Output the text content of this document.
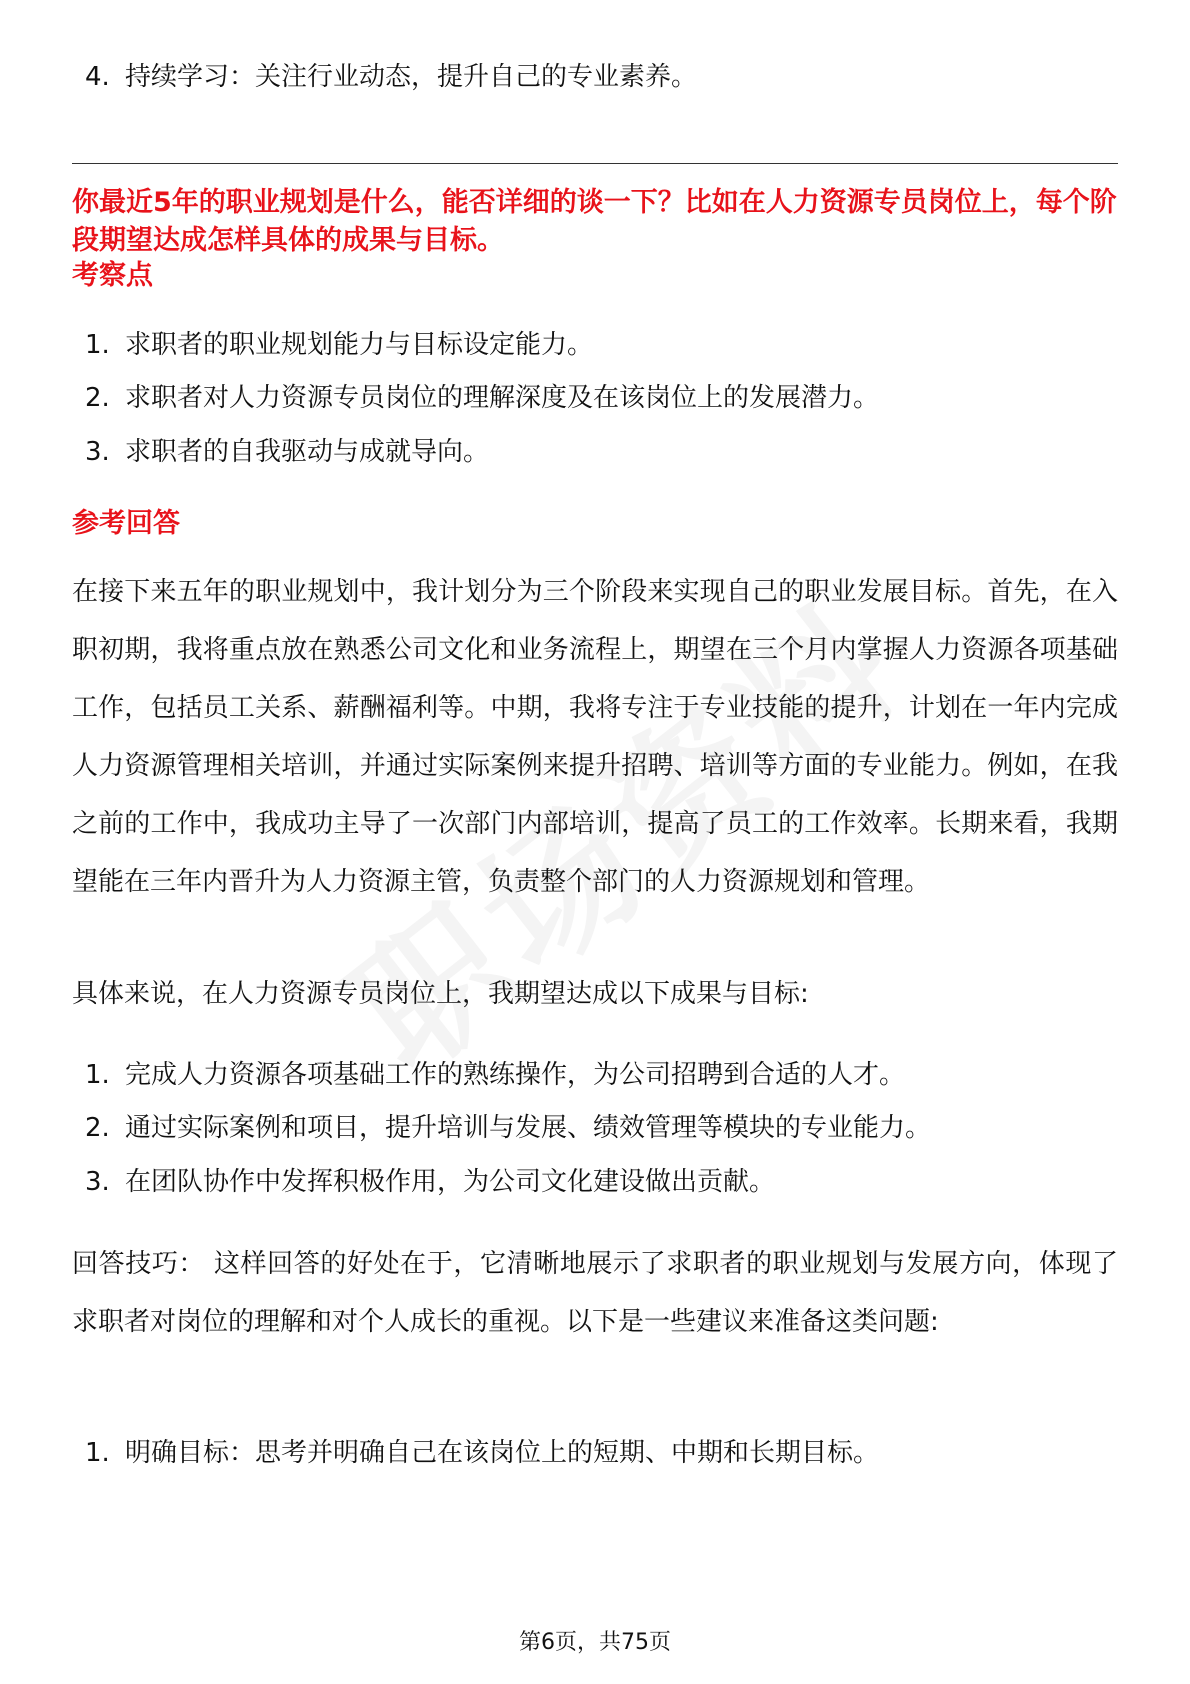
4. 持续学习：关注行业动态，提升自己的专业素养。
你最近5年的职业规划是什么，能否详细的谈一下？比如在人力资源专员岗位上，每个阶段期望达成怎样具体的成果与目标。
考察点
1. 求职者的职业规划能力与目标设定能力。
2. 求职者对人力资源专员岗位的理解深度及在该岗位上的发展潜力。
3. 求职者的自我驱动与成就导向。
参考回答
在接下来五年的职业规划中，我计划分为三个阶段来实现自己的职业发展目标。首先，在入职初期，我将重点放在熟悉公司文化和业务流程上，期望在三个月内掌握人力资源各项基础工作，包括员工关系、薪酬福利等。中期，我将专注于专业技能的提升，计划在一年内完成人力资源管理相关培训，并通过实际案例来提升招聘、培训等方面的专业能力。例如，在我之前的工作中，我成功主导了一次部门内部培训，提高了员工的工作效率。长期来看，我期望能在三年内晋升为人力资源主管，负责整个部门的人力资源规划和管理。
具体来说，在人力资源专员岗位上，我期望达成以下成果与目标:
1. 完成人力资源各项基础工作的熟练操作，为公司招聘到合适的人才。
2. 通过实际案例和项目，提升培训与发展、绩效管理等模块的专业能力。
3. 在团队协作中发挥积极作用，为公司文化建设做出贡献。
回答技巧： 这样回答的好处在于，它清晰地展示了求职者的职业规划与发展方向，体现了求职者对岗位的理解和对个人成长的重视。以下是一些建议来准备这类问题:
1. 明确目标：思考并明确自己在该岗位上的短期、中期和长期目标。
第6页，共75页
